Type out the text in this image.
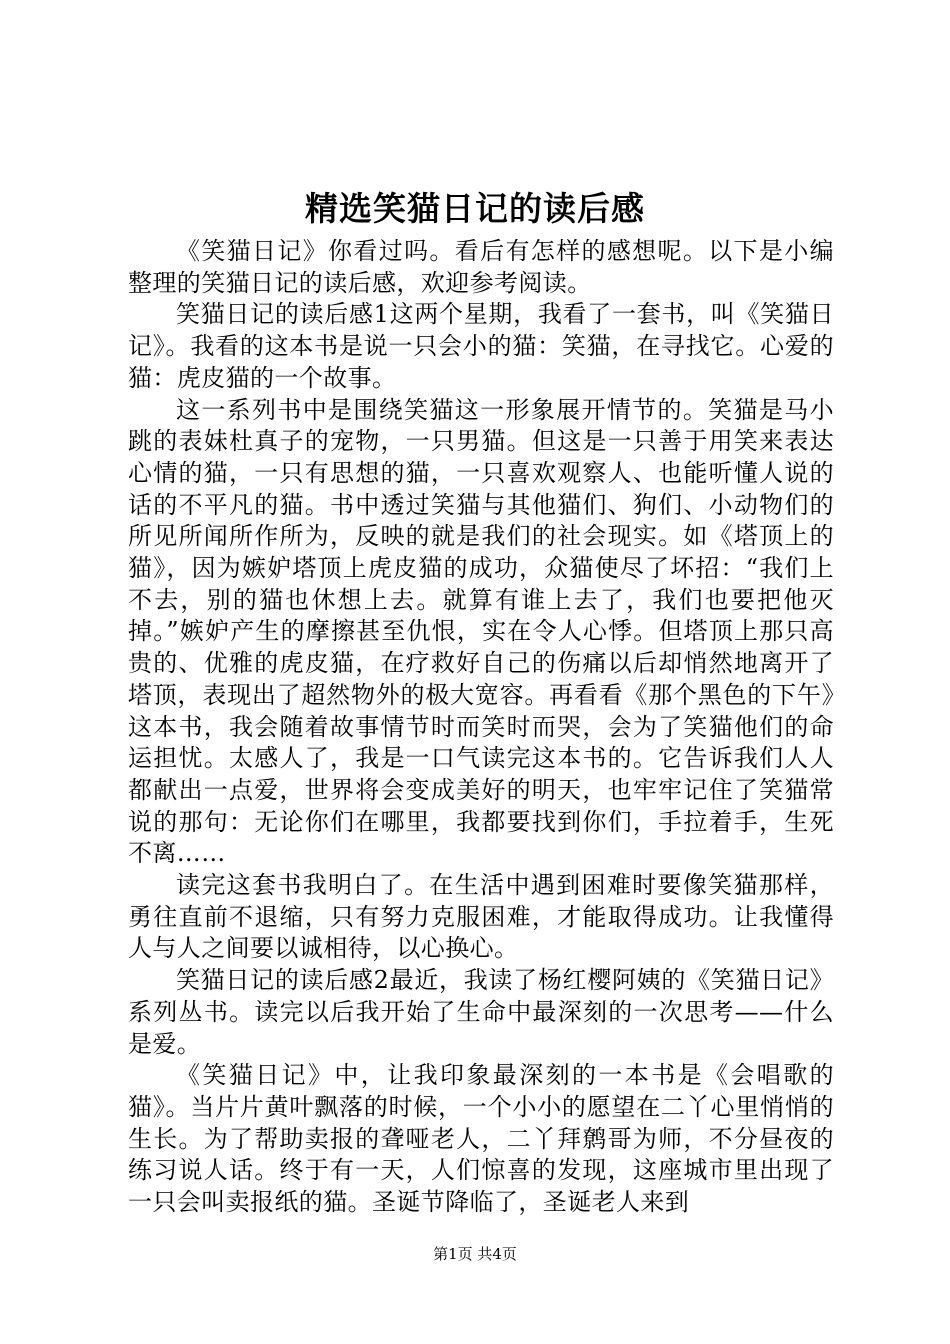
精选笑猫日记的读后感

《笑猫日记》你看过吗。看后有怎样的感想呢。以下是小编整理的笑猫日记的读后感，欢迎参考阅读。

笑猫日记的读后感1这两个星期，我看了一套书，叫《笑猫日记》。我看的这本书是说一只会小的猫：笑猫，在寻找它。心爱的猫：虎皮猫的一个故事。

这一系列书中是围绕笑猫这一形象展开情节的。笑猫是马小跳的表妹杜真子的宠物，一只男猫。但这是一只善于用笑来表达心情的猫，一只有思想的猫，一只喜欢观察人、也能听懂人说的话的不平凡的猫。书中透过笑猫与其他猫们、狗们、小动物们的所见所闻所作所为，反映的就是我们的社会现实。如《塔顶上的猫》，因为嫉妒塔顶上虎皮猫的成功，众猫使尽了坏招：“我们上不去，别的猫也休想上去。就算有谁上去了，我们也要把他灭掉。”嫉妒产生的摩擦甚至仇恨，实在令人心悸。但塔顶上那只高贵的、优雅的虎皮猫，在疗救好自己的伤痛以后却悄然地离开了塔顶，表现出了超然物外的极大宽容。再看看《那个黑色的下午》这本书，我会随着故事情节时而笑时而哭，会为了笑猫他们的命运担忧。太感人了，我是一口气读完这本书的。它告诉我们人人都献出一点爱，世界将会变成美好的明天，也牢牢记住了笑猫常说的那句：无论你们在哪里，我都要找到你们，手拉着手，生死不离……

读完这套书我明白了。在生活中遇到困难时要像笑猫那样，勇往直前不退缩，只有努力克服困难，才能取得成功。让我懂得人与人之间要以诚相待，以心换心。

笑猫日记的读后感2最近，我读了杨红樱阿姨的《笑猫日记》系列丛书。读完以后我开始了生命中最深刻的一次思考——什么是爱。

《笑猫日记》中，让我印象最深刻的一本书是《会唱歌的猫》。当片片黄叶飘落的时候，一个小小的愿望在二丫心里悄悄的生长。为了帮助卖报的聋哑老人，二丫拜鹩哥为师，不分昼夜的练习说人话。终于有一天，人们惊喜的发现，这座城市里出现了一只会叫卖报纸的猫。圣诞节降临了，圣诞老人来到

第1页 共4页
